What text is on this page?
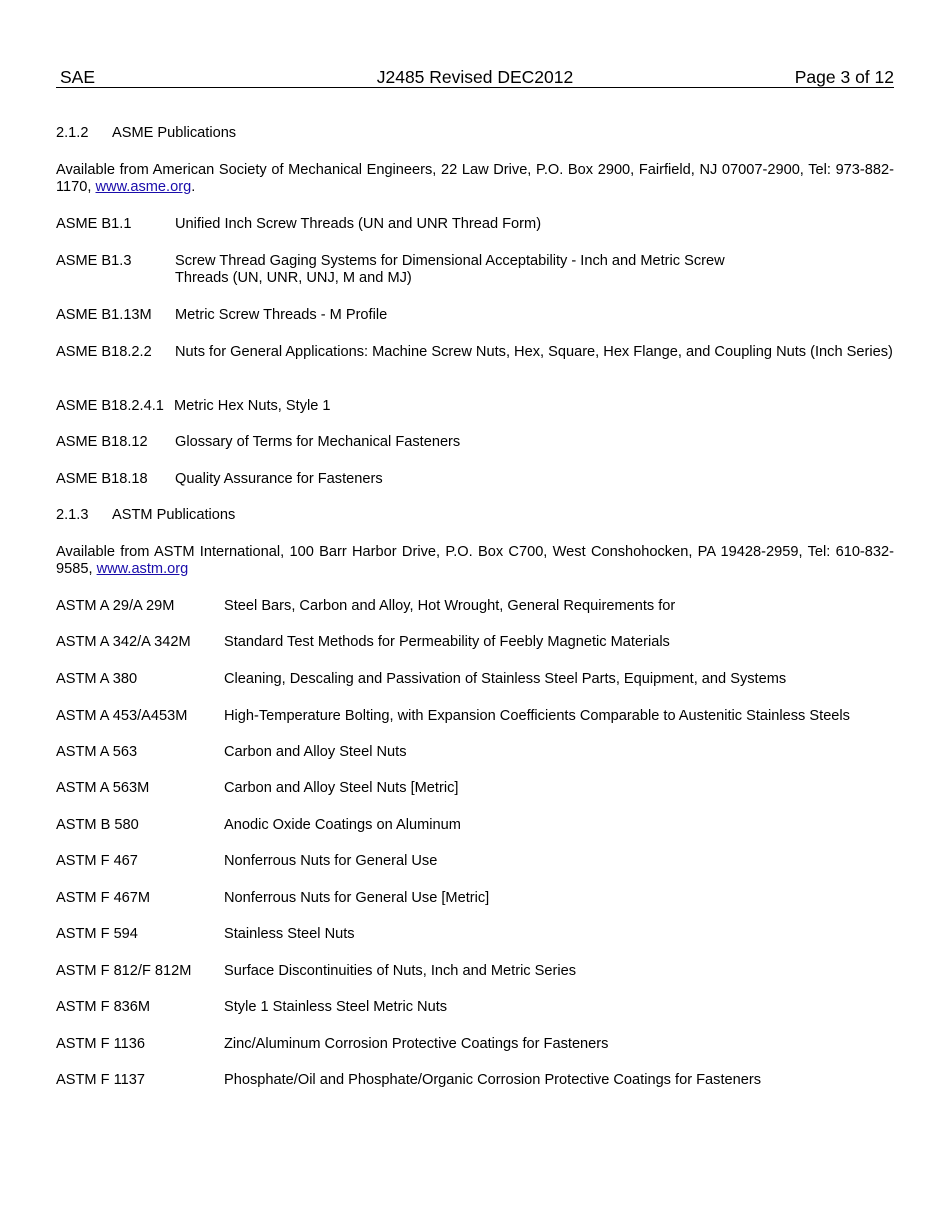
SAE	J2485 Revised DEC2012	Page 3 of 12
2.1.2 ASME Publications
Available from American Society of Mechanical Engineers, 22 Law Drive, P.O. Box 2900, Fairfield, NJ 07007-2900, Tel: 973-882-1170, www.asme.org.
ASME B1.1	Unified Inch Screw Threads (UN and UNR Thread Form)
ASME B1.3	Screw Thread Gaging Systems for Dimensional Acceptability - Inch and Metric Screw
Threads (UN, UNR, UNJ, M and MJ)
ASME B1.13M Metric Screw Threads - M Profile
ASME B18.2.2 Nuts for General Applications: Machine Screw Nuts, Hex, Square, Hex Flange, and Coupling Nuts (Inch Series)
ASME B18.2.4.1 Metric Hex Nuts, Style 1
ASME B18.12 Glossary of Terms for Mechanical Fasteners
ASME B18.18 Quality Assurance for Fasteners
2.1.3 ASTM Publications
Available from ASTM International, 100 Barr Harbor Drive, P.O. Box C700, West Conshohocken, PA 19428-2959, Tel: 610-832-9585, www.astm.org
ASTM A 29/A 29M	Steel Bars, Carbon and Alloy, Hot Wrought, General Requirements for
ASTM A 342/A 342M Standard Test Methods for Permeability of Feebly Magnetic Materials
ASTM A 380	Cleaning, Descaling and Passivation of Stainless Steel Parts, Equipment, and Systems
ASTM A 453/A453M	High-Temperature Bolting, with Expansion Coefficients Comparable to Austenitic Stainless Steels
ASTM A 563	Carbon and Alloy Steel Nuts
ASTM A 563M	Carbon and Alloy Steel Nuts [Metric]
ASTM B 580	Anodic Oxide Coatings on Aluminum
ASTM F 467	Nonferrous Nuts for General Use
ASTM F 467M	Nonferrous Nuts for General Use [Metric]
ASTM F 594	Stainless Steel Nuts
ASTM F 812/F 812M Surface Discontinuities of Nuts, Inch and Metric Series
ASTM F 836M	Style 1 Stainless Steel Metric Nuts
ASTM F 1136	Zinc/Aluminum Corrosion Protective Coatings for Fasteners
ASTM F 1137	Phosphate/Oil and Phosphate/Organic Corrosion Protective Coatings for Fasteners
